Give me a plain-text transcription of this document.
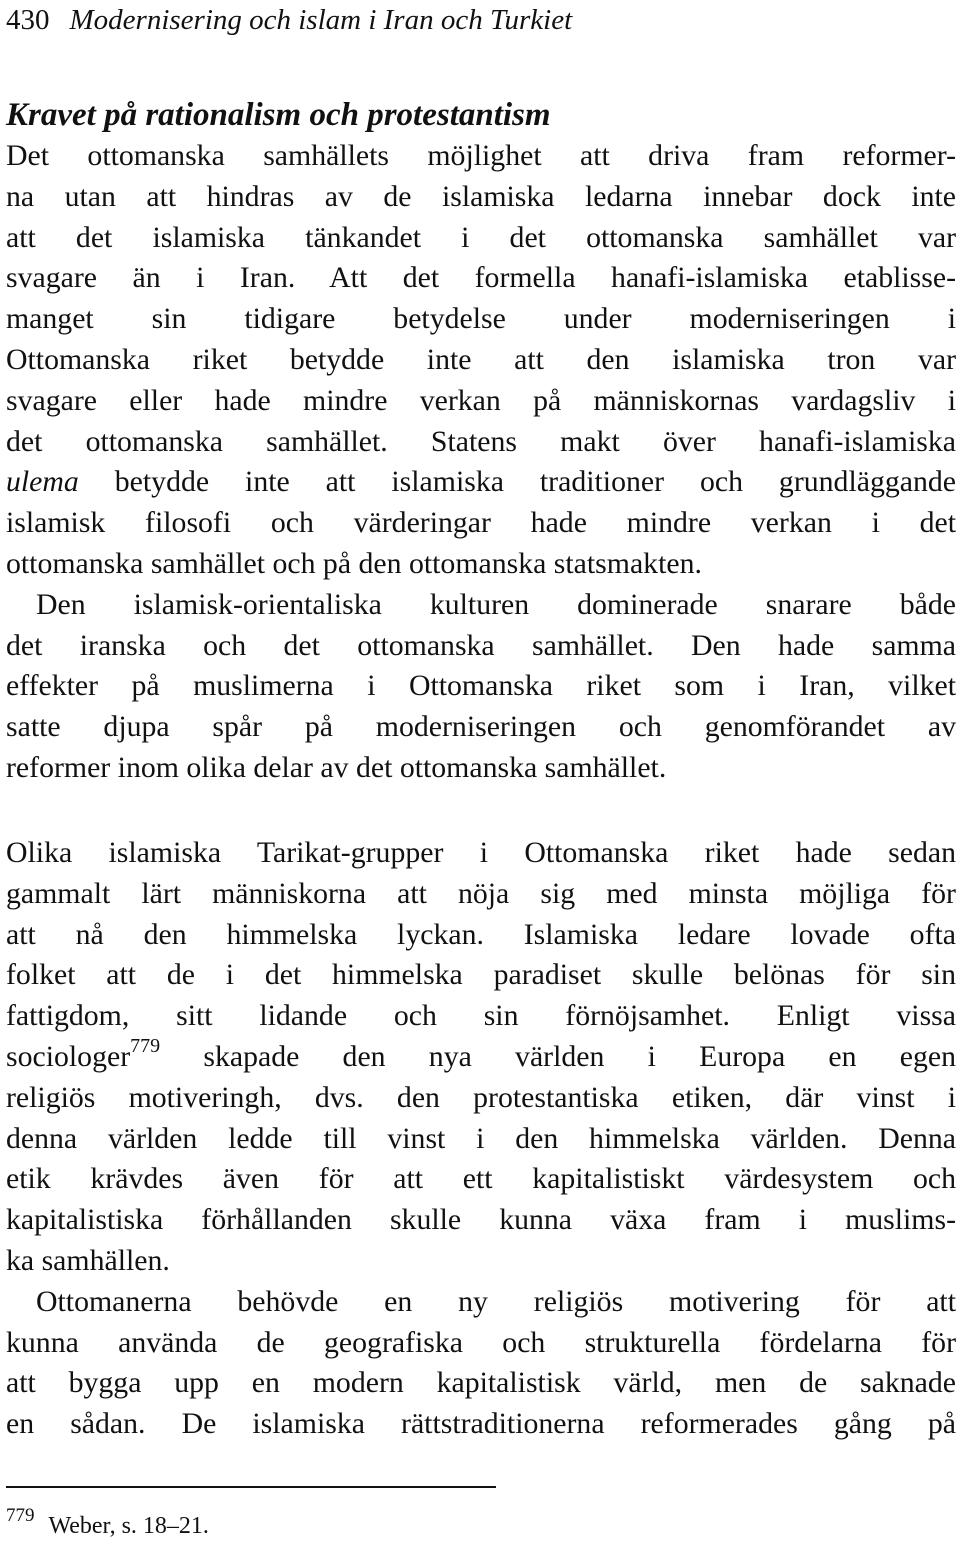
430 Modernisering och islam i Iran och Turkiet
Kravet på rationalism och protestantism
Det ottomanska samhällets möjlighet att driva fram reformer-
na utan att hindras av de islamiska ledarna innebar dock inte
att det islamiska tänkandet i det ottomanska samhället var
svagare än i Iran. Att det formella hanafi-islamiska etablisse-
manget sin tidigare betydelse under moderniseringen i
Ottomanska riket betydde inte att den islamiska tron var
svagare eller hade mindre verkan på människornas vardagsliv i
det ottomanska samhället. Statens makt över hanafi-islamiska
ulema betydde inte att islamiska traditioner och grundläggande
islamisk filosofi och värderingar hade mindre verkan i det
ottomanska samhället och på den ottomanska statsmakten.
Den islamisk-orientaliska kulturen dominerade snarare både
det iranska och det ottomanska samhället. Den hade samma
effekter på muslimerna i Ottomanska riket som i Iran, vilket
satte djupa spår på moderniseringen och genomförandet av
reformer inom olika delar av det ottomanska samhället.
Olika islamiska Tarikat-grupper i Ottomanska riket hade sedan
gammalt lärt människorna att nöja sig med minsta möjliga för
att nå den himmelska lyckan. Islamiska ledare lovade ofta
folket att de i det himmelska paradiset skulle belönas för sin
fattigdom, sitt lidande och sin förnöjsamhet. Enligt vissa
sociologer$^{779}$ skapade den nya världen i Europa en egen
religiös motiveringh, dvs. den protestantiska etiken, där vinst i
denna världen ledde till vinst i den himmelska världen. Denna
etik krävdes även för att ett kapitalistiskt värdesystem och
kapitalistiska förhållanden skulle kunna växa fram i muslims-
ka samhällen.
Ottomanerna behövde en ny religiös motivering för att
kunna använda de geografiska och strukturella fördelarna för
att bygga upp en modern kapitalistisk värld, men de saknade
en sådan. De islamiska rättstraditionerna reformerades gång på
$^{779}$ Weber, s. 18–21.
